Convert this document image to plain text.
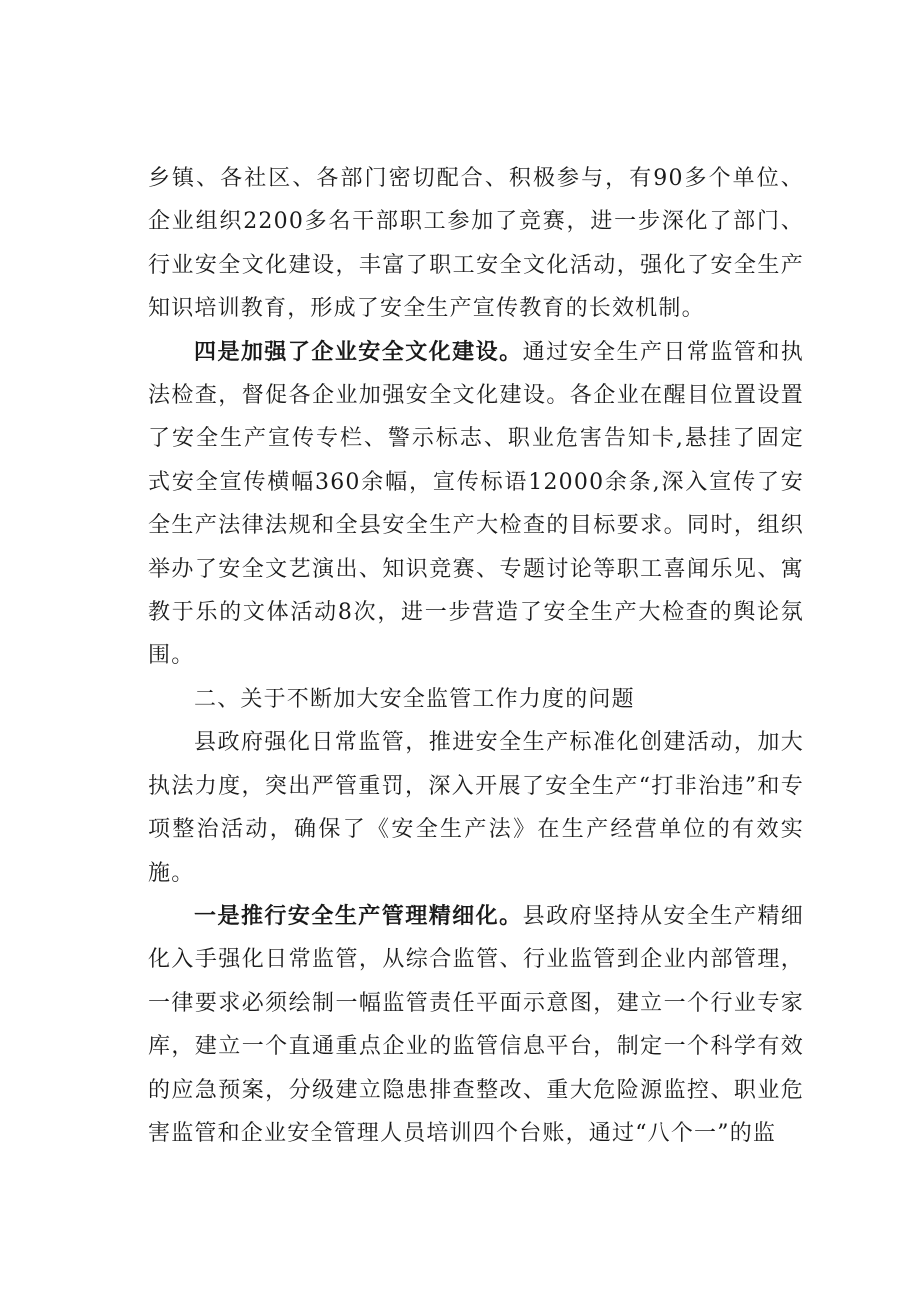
乡镇、各社区、各部门密切配合、积极参与，有90多个单位、企业组织2200多名干部职工参加了竞赛，进一步深化了部门、行业安全文化建设，丰富了职工安全文化活动，强化了安全生产知识培训教育，形成了安全生产宣传教育的长效机制。

四是加强了企业安全文化建设。通过安全生产日常监管和执法检查，督促各企业加强安全文化建设。各企业在醒目位置设置了安全生产宣传专栏、警示标志、职业危害告知卡,悬挂了固定式安全宣传横幅360余幅，宣传标语12000余条,深入宣传了安全生产法律法规和全县安全生产大检查的目标要求。同时，组织举办了安全文艺演出、知识竞赛、专题讨论等职工喜闻乐见、寓教于乐的文体活动8次，进一步营造了安全生产大检查的舆论氛围。

二、关于不断加大安全监管工作力度的问题

县政府强化日常监管，推进安全生产标准化创建活动，加大执法力度，突出严管重罚，深入开展了安全生产“打非治违”和专项整治活动，确保了《安全生产法》在生产经营单位的有效实施。

一是推行安全生产管理精细化。县政府坚持从安全生产精细化入手强化日常监管，从综合监管、行业监管到企业内部管理，一律要求必须绘制一幅监管责任平面示意图，建立一个行业专家库，建立一个直通重点企业的监管信息平台，制定一个科学有效的应急预案，分级建立隐患排查整改、重大危险源监控、职业危害监管和企业安全管理人员培训四个台账，通过“八个一”的监
